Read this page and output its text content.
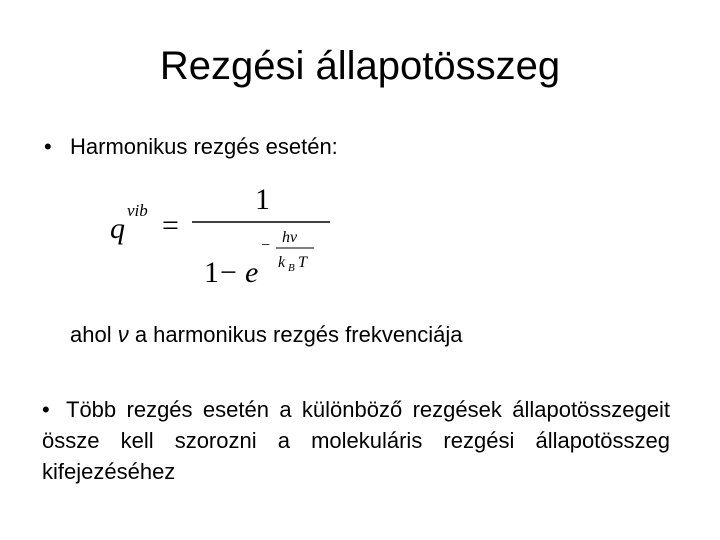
Rezgési állapotösszeg
• Harmonikus rezgés esetén:
q
vib =
1
1 − e
− hν
k B T
ahol ν a harmonikus rezgés frekvenciája
• Több rezgés esetén a különböző rezgések állapotösszegeit össze kell szorozni a molekuláris rezgési állapotösszeg kifejezéséhez
